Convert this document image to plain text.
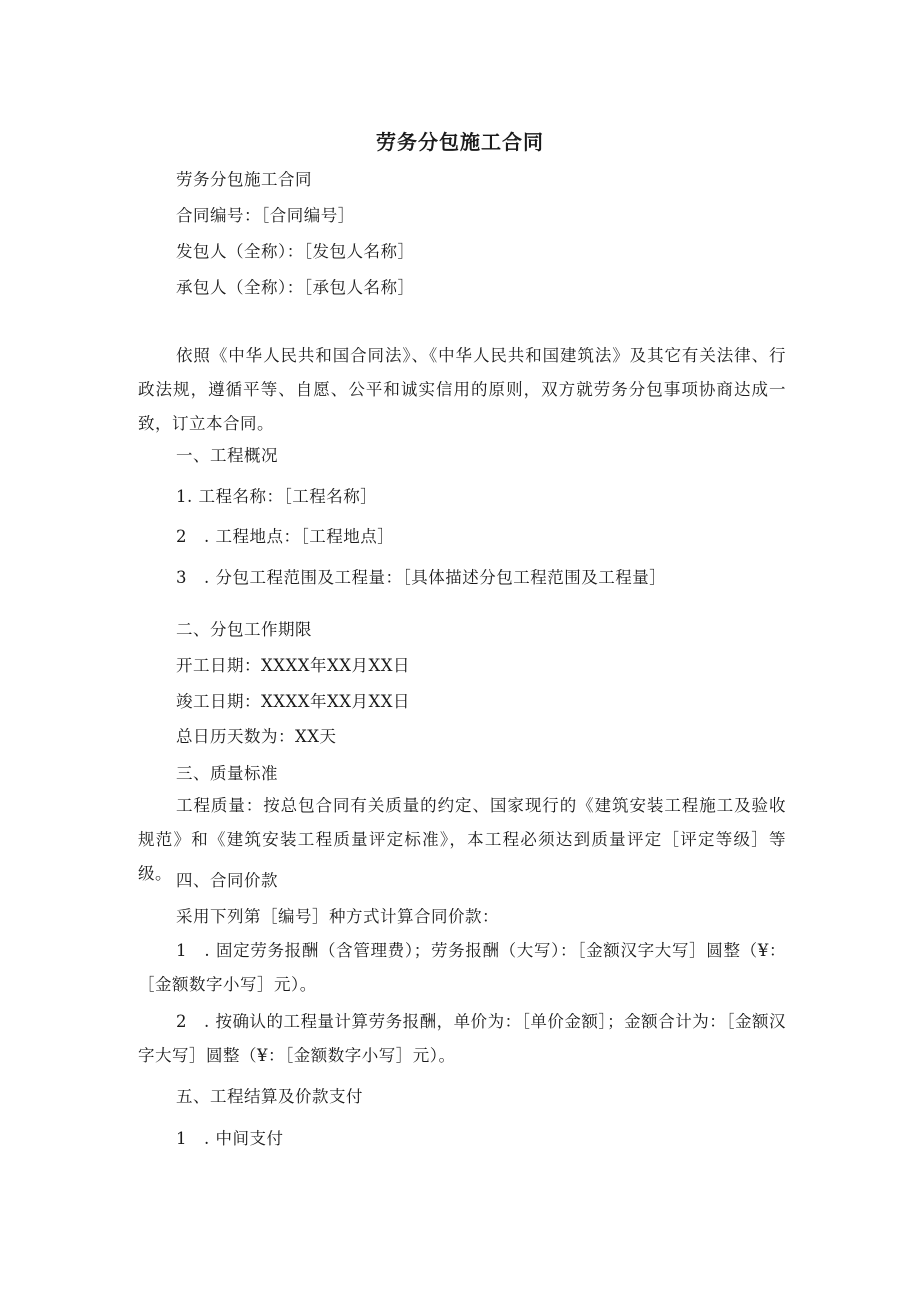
劳务分包施工合同
劳务分包施工合同
合同编号：［合同编号］
发包人（全称）：［发包人名称］
承包人（全称）：［承包人名称］
依照《中华人民共和国合同法》、《中华人民共和国建筑法》及其它有关法律、行政法规，遵循平等、自愿、公平和诚实信用的原则，双方就劳务分包事项协商达成一致，订立本合同。
一、工程概况
1. 工程名称：［工程名称］
2　. 工程地点：［工程地点］
3　. 分包工程范围及工程量：［具体描述分包工程范围及工程量］
二、分包工作期限
开工日期：XXXX年XX月XX日
竣工日期：XXXX年XX月XX日
总日历天数为：XX天
三、质量标准
工程质量：按总包合同有关质量的约定、国家现行的《建筑安装工程施工及验收规范》和《建筑安装工程质量评定标准》，本工程必须达到质量评定［评定等级］等级。 四、合同价款
采用下列第［编号］种方式计算合同价款：
1　. 固定劳务报酬（含管理费）；劳务报酬（大写）：［金额汉字大写］圆整（¥：［金额数字小写］元）。
2　. 按确认的工程量计算劳务报酬，单价为：［单价金额］；金额合计为：［金额汉字大写］圆整（¥：［金额数字小写］元）。
五、工程结算及价款支付
1　. 中间支付
